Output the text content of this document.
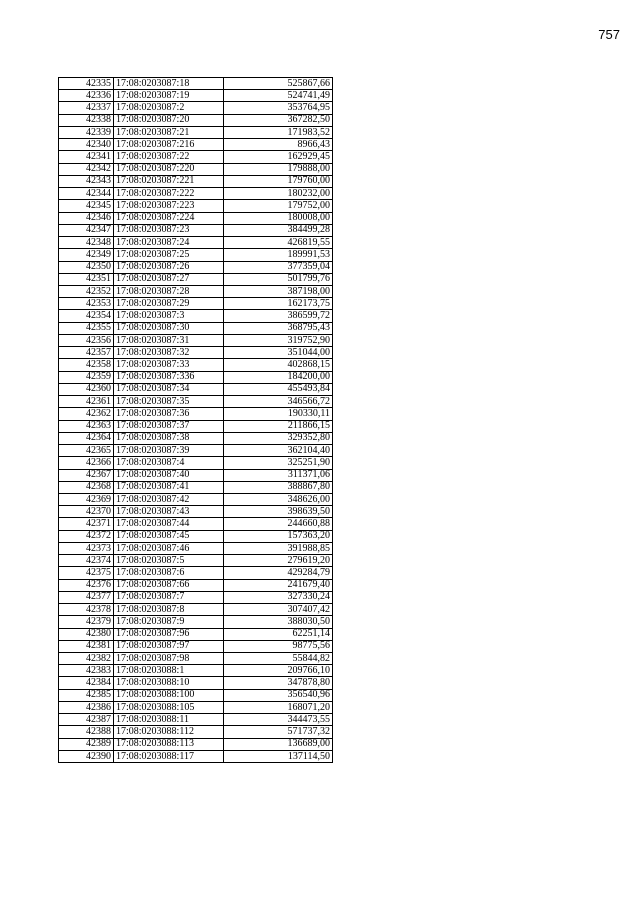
757
42335	17:08:0203087:18	525867,66
42336	17:08:0203087:19	524741,49
42337	17:08:0203087:2	353764,95
42338	17:08:0203087:20	367282,50
42339	17:08:0203087:21	171983,52
42340	17:08:0203087:216	8966,43
42341	17:08:0203087:22	162929,45
42342	17:08:0203087:220	179888,00
42343	17:08:0203087:221	179760,00
42344	17:08:0203087:222	180232,00
42345	17:08:0203087:223	179752,00
42346	17:08:0203087:224	180008,00
42347	17:08:0203087:23	384499,28
42348	17:08:0203087:24	426819,55
42349	17:08:0203087:25	189991,53
42350	17:08:0203087:26	377359,04
42351	17:08:0203087:27	501799,76
42352	17:08:0203087:28	387198,00
42353	17:08:0203087:29	162173,75
42354	17:08:0203087:3	386599,72
42355	17:08:0203087:30	368795,43
42356	17:08:0203087:31	319752,90
42357	17:08:0203087:32	351044,00
42358	17:08:0203087:33	402868,15
42359	17:08:0203087:336	184200,00
42360	17:08:0203087:34	455493,84
42361	17:08:0203087:35	346566,72
42362	17:08:0203087:36	190330,11
42363	17:08:0203087:37	211866,15
42364	17:08:0203087:38	329352,80
42365	17:08:0203087:39	362104,40
42366	17:08:0203087:4	325251,90
42367	17:08:0203087:40	311371,06
42368	17:08:0203087:41	388867,80
42369	17:08:0203087:42	348626,00
42370	17:08:0203087:43	398639,50
42371	17:08:0203087:44	244660,88
42372	17:08:0203087:45	157363,20
42373	17:08:0203087:46	391988,85
42374	17:08:0203087:5	279619,20
42375	17:08:0203087:6	429284,79
42376	17:08:0203087:66	241679,40
42377	17:08:0203087:7	327330,24
42378	17:08:0203087:8	307407,42
42379	17:08:0203087:9	388030,50
42380	17:08:0203087:96	62251,14
42381	17:08:0203087:97	98775,56
42382	17:08:0203087:98	55844,82
42383	17:08:0203088:1	209766,10
42384	17:08:0203088:10	347878,80
42385	17:08:0203088:100	356540,96
42386	17:08:0203088:105	168071,20
42387	17:08:0203088:11	344473,55
42388	17:08:0203088:112	571737,32
42389	17:08:0203088:113	136689,00
42390	17:08:0203088:117	137114,50
